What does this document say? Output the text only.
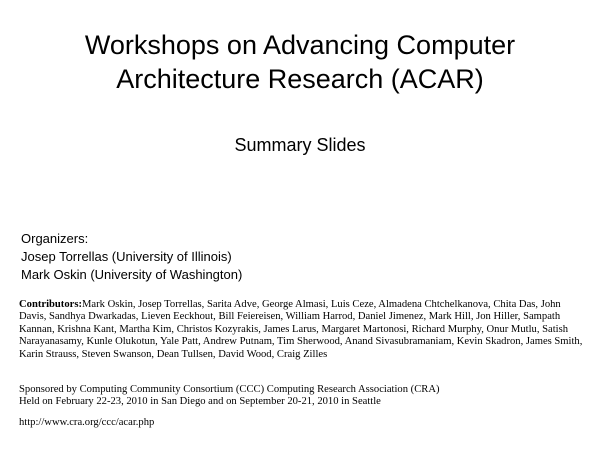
Workshops on Advancing Computer
Architecture Research (ACAR)
Summary Slides
Organizers:
Josep Torrellas (University of Illinois)
Mark Oskin (University of Washington)
Contributors:Mark Oskin, Josep Torrellas, Sarita Adve, George Almasi, Luis Ceze, Almadena Chtchelkanova, Chita Das, John Davis, Sandhya Dwarkadas, Lieven Eeckhout, Bill Feiereisen, William Harrod, Daniel Jimenez, Mark Hill, Jon Hiller, Sampath Kannan, Krishna Kant, Martha Kim, Christos Kozyrakis, James Larus, Margaret Martonosi, Richard Murphy, Onur Mutlu, Satish Narayanasamy, Kunle Olukotun, Yale Patt, Andrew Putnam, Tim Sherwood, Anand Sivasubramaniam, Kevin Skadron, James Smith, Karin Strauss, Steven Swanson, Dean Tullsen, David Wood, Craig Zilles
Sponsored by Computing Community Consortium (CCC) Computing Research Association (CRA)
Held on February 22-23, 2010 in San Diego and on September 20-21, 2010 in Seattle
http://www.cra.org/ccc/acar.php
